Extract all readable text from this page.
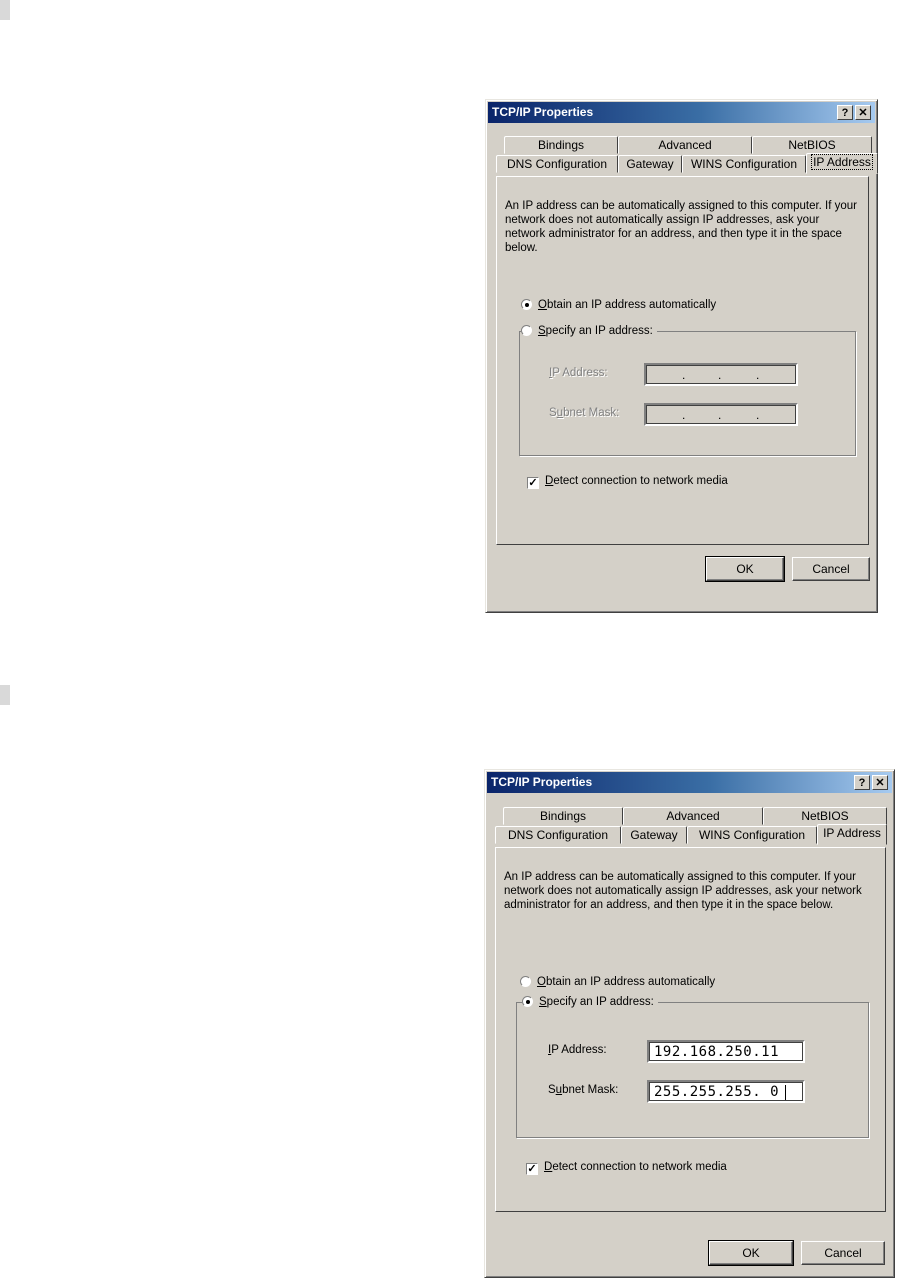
TCP/IP Properties	? ✕
Bindings	Advanced	NetBIOS
DNS Configuration	Gateway	WINS Configuration	IP Address
An IP address can be automatically assigned to this computer. If your network does not automatically assign IP addresses, ask your network administrator for an address, and then type it in the space below.
Obtain an IP address automatically
Specify an IP address:
IP Address:	.	.	.
Subnet Mask:	.	.	.
✓ Detect connection to network media
OK	Cancel
TCP/IP Properties	? ✕
Bindings	Advanced	NetBIOS
DNS Configuration	Gateway	WINS Configuration	IP Address
An IP address can be automatically assigned to this computer. If your network does not automatically assign IP addresses, ask your network administrator for an address, and then type it in the space below.
Obtain an IP address automatically
Specify an IP address:
IP Address:	192.168.250.11
Subnet Mask:	255.255.255. 0
✓ Detect connection to network media
OK	Cancel
